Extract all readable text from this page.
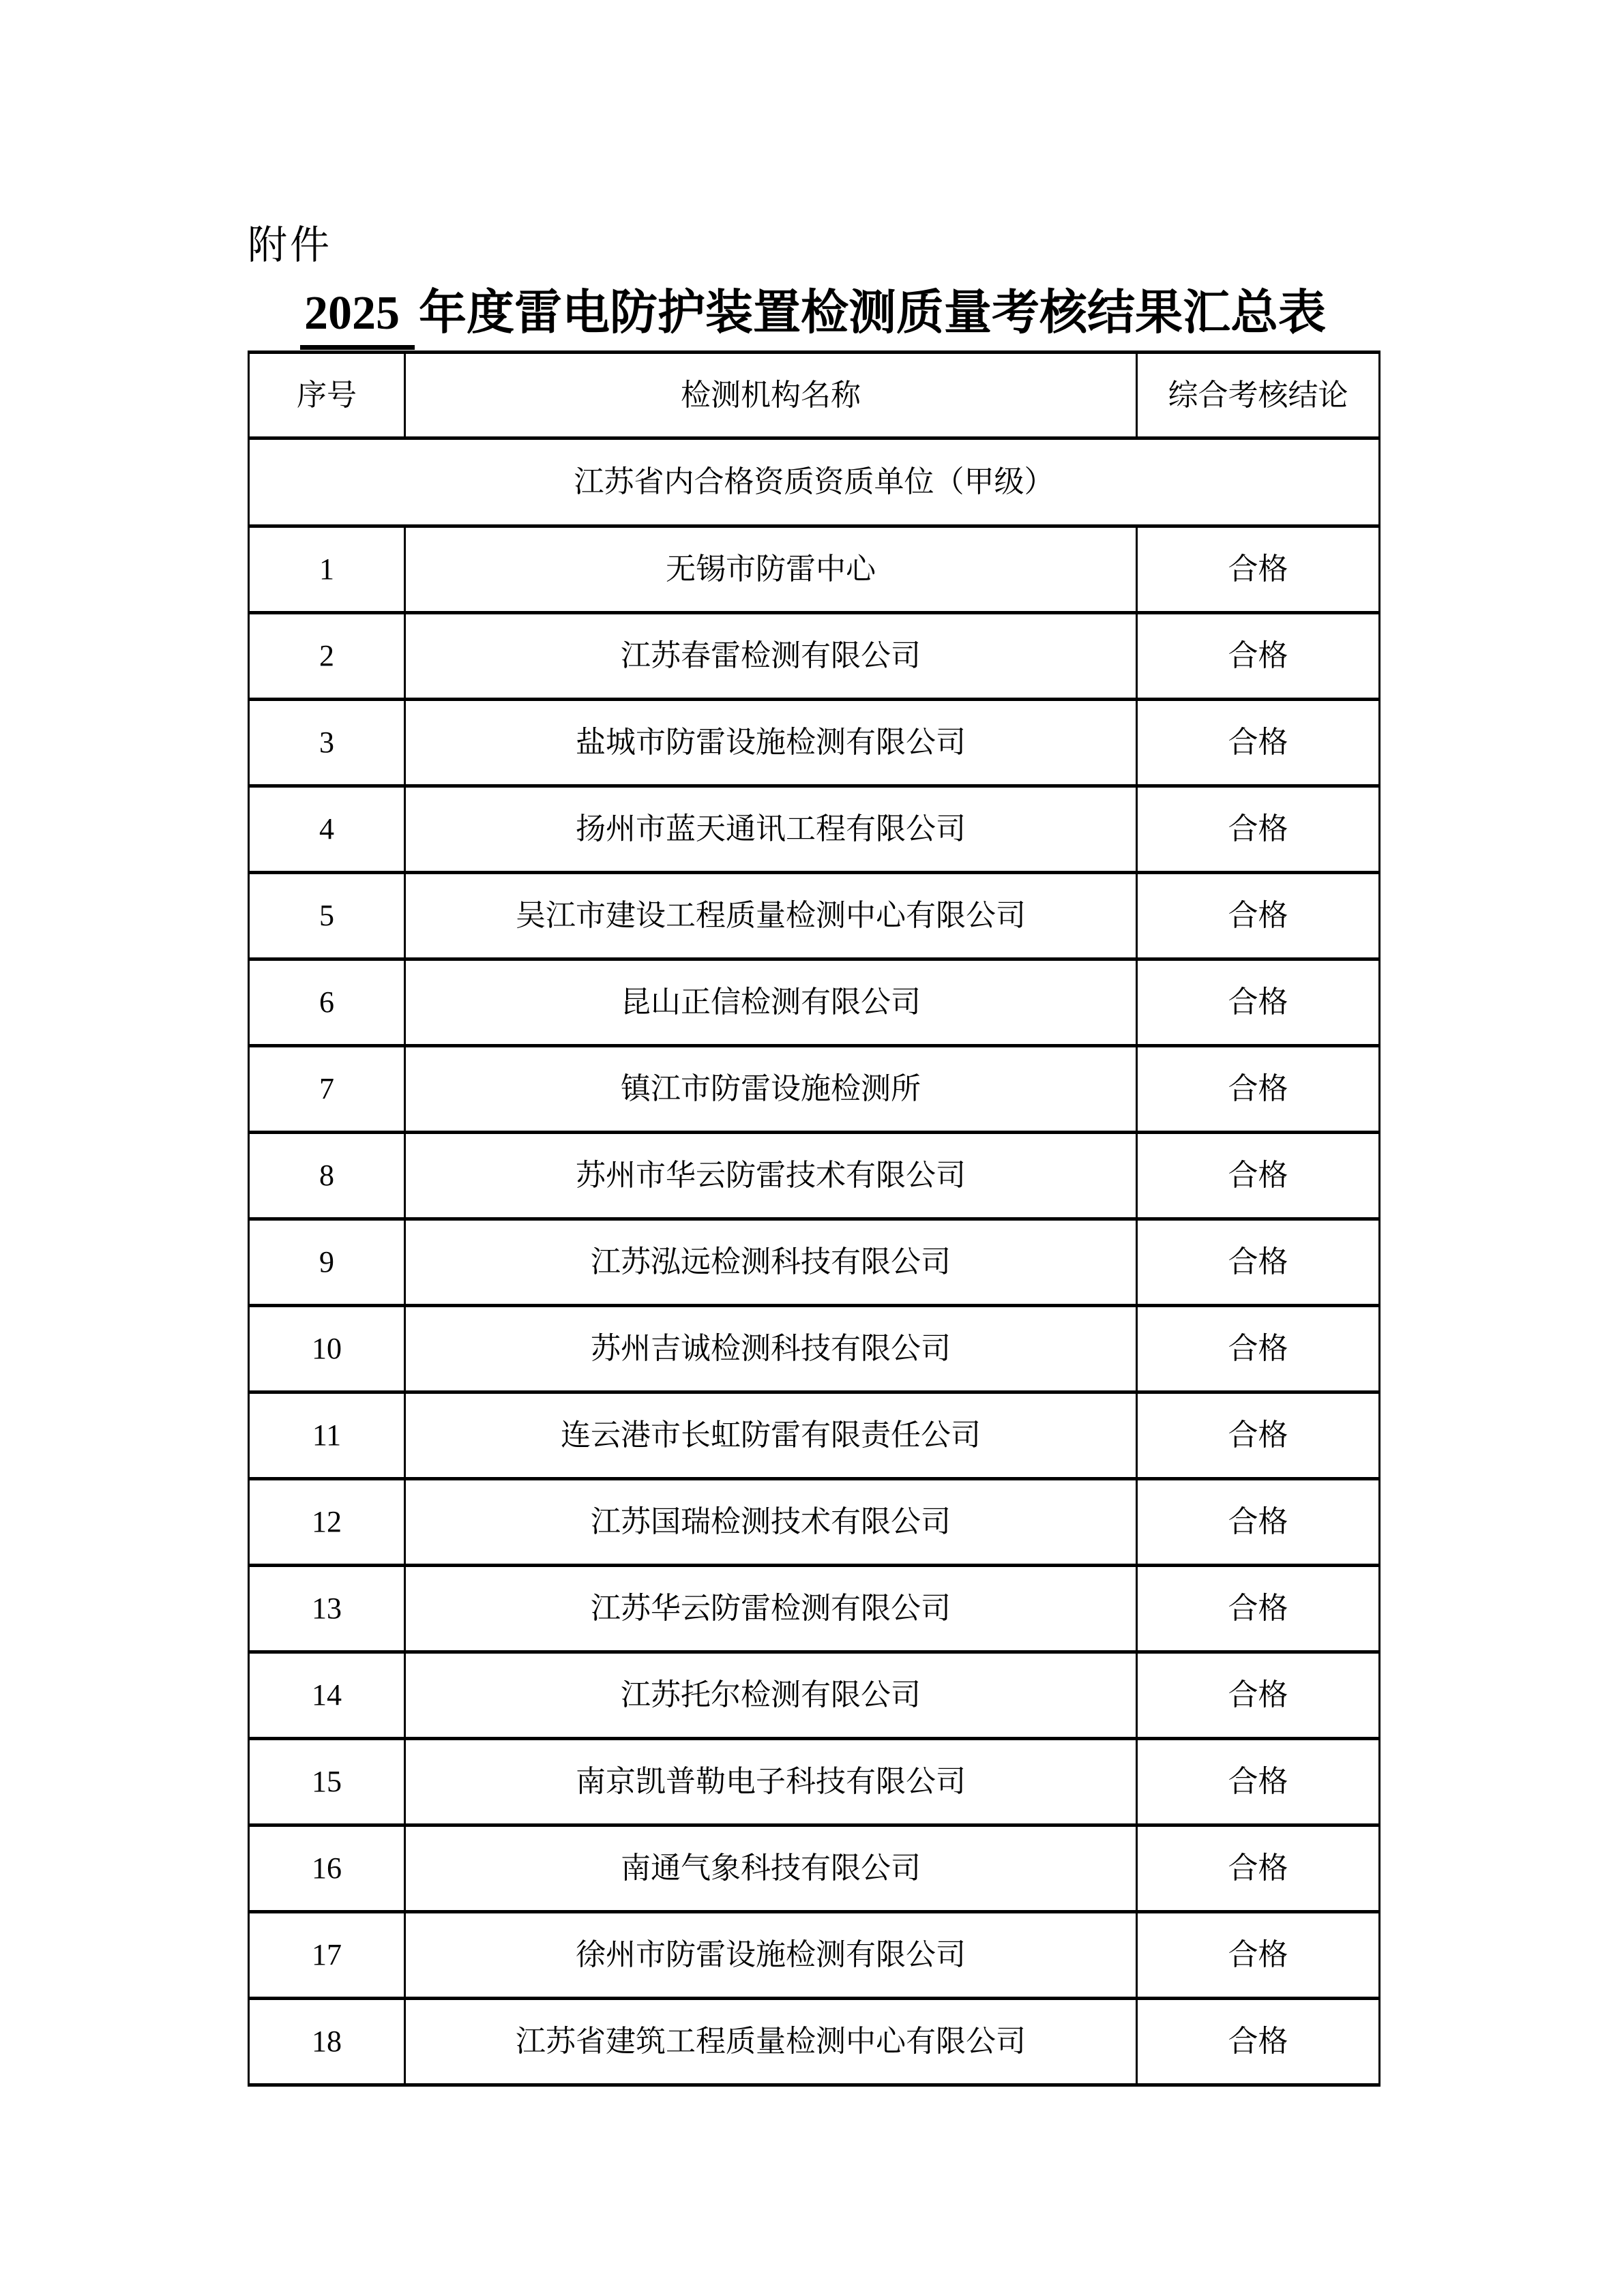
附件
2025 年度雷电防护装置检测质量考核结果汇总表
序号	检测机构名称	综合考核结论
江苏省内合格资质资质单位（甲级）		
1	无锡市防雷中心	合格
2	江苏春雷检测有限公司	合格
3	盐城市防雷设施检测有限公司	合格
4	扬州市蓝天通讯工程有限公司	合格
5	吴江市建设工程质量检测中心有限公司	合格
6	昆山正信检测有限公司	合格
7	镇江市防雷设施检测所	合格
8	苏州市华云防雷技术有限公司	合格
9	江苏泓远检测科技有限公司	合格
10	苏州吉诚检测科技有限公司	合格
11	连云港市长虹防雷有限责任公司	合格
12	江苏国瑞检测技术有限公司	合格
13	江苏华云防雷检测有限公司	合格
14	江苏托尔检测有限公司	合格
15	南京凯普勒电子科技有限公司	合格
16	南通气象科技有限公司	合格
17	徐州市防雷设施检测有限公司	合格
18	江苏省建筑工程质量检测中心有限公司	合格
